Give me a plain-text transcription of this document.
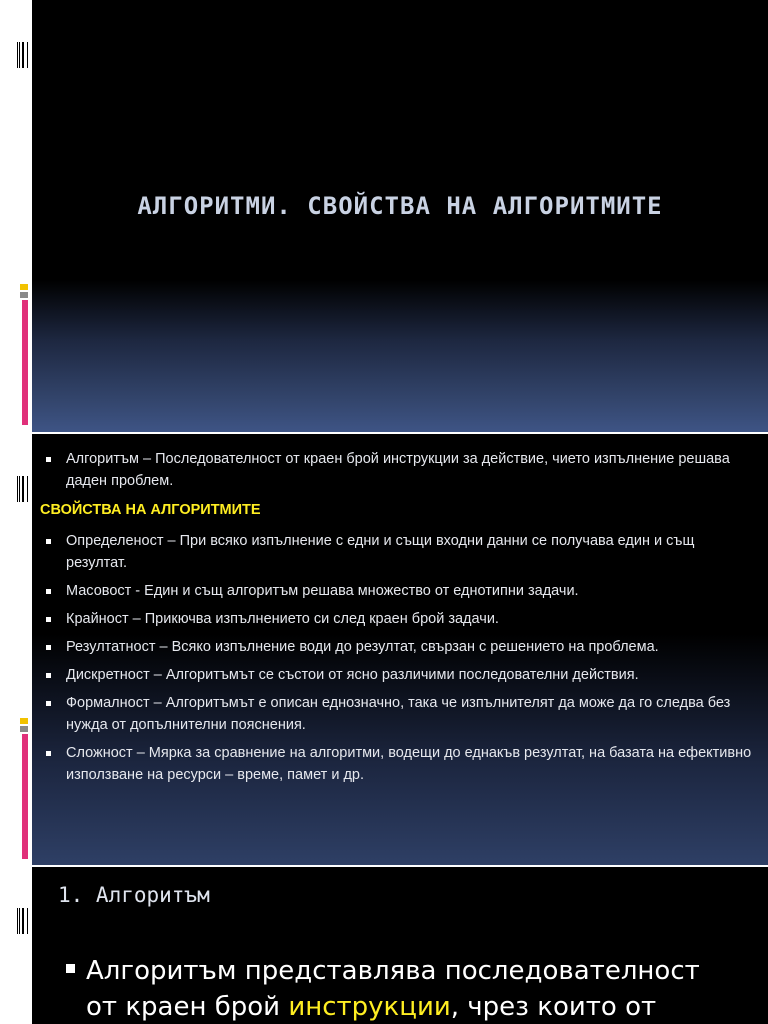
АЛГОРИТМИ. СВОЙСТВА НА АЛГОРИТМИТЕ
Алгоритъм – Последователност от краен брой инструкции за действие, чието изпълнение решава даден проблем.
СВОЙСТВА НА АЛГОРИТМИТЕ
Определеност – При всяко изпълнение с едни и същи входни данни се получава един и същ резултат.
Масовост - Един и същ алгоритъм решава множество от еднотипни задачи.
Крайност – Прикючва изпълнението си след краен брой задачи.
Резултатност – Всяко изпълнение води до резултат, свързан с решението на проблема.
Дискретност – Алгоритъмът се състои от ясно различими последователни действия.
Формалност – Алгоритъмът е описан еднозначно, така че изпълнителят да може да го следва без нужда от допълнителни пояснения.
Сложност – Мярка за сравнение на алгоритми, водещи до еднакъв резултат, на базата на ефективно използване на ресурси – време, памет и др.
1. Алгоритъм
Алгоритъм представлява последователност от краен брой инструкции, чрез които от
